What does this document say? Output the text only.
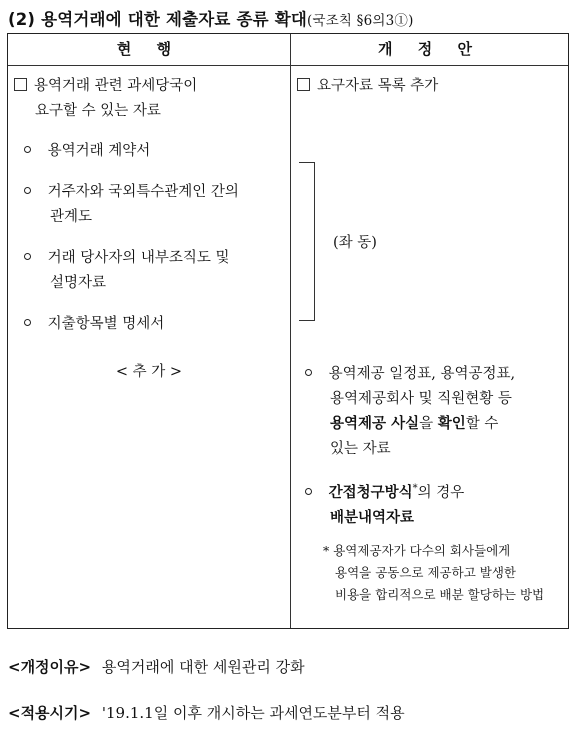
(2) 용역거래에 대한 제출자료 종류 확대(국조칙 §6의3①)
현 행	개 정 안
용역거래 관련 과세당국이
요구할 수 있는 자료
용역거래 계약서
거주자와 국외특수관계인 간의
관계도
거래 당사자의 내부조직도 및
설명자료
지출항목별 명세서
< 추 가 >
요구자료 목록 추가
(좌 동)
용역제공 일정표, 용역공정표,
용역제공회사 및 직원현황 등
용역제공 사실을 확인할 수
있는 자료
간접청구방식*의 경우
배분내역자료
* 용역제공자가 다수의 회사들에게
용역을 공동으로 제공하고 발생한
비용을 합리적으로 배분 할당하는 방법
<개정이유> 용역거래에 대한 세원관리 강화
<적용시기> '19.1.1일 이후 개시하는 과세연도분부터 적용
